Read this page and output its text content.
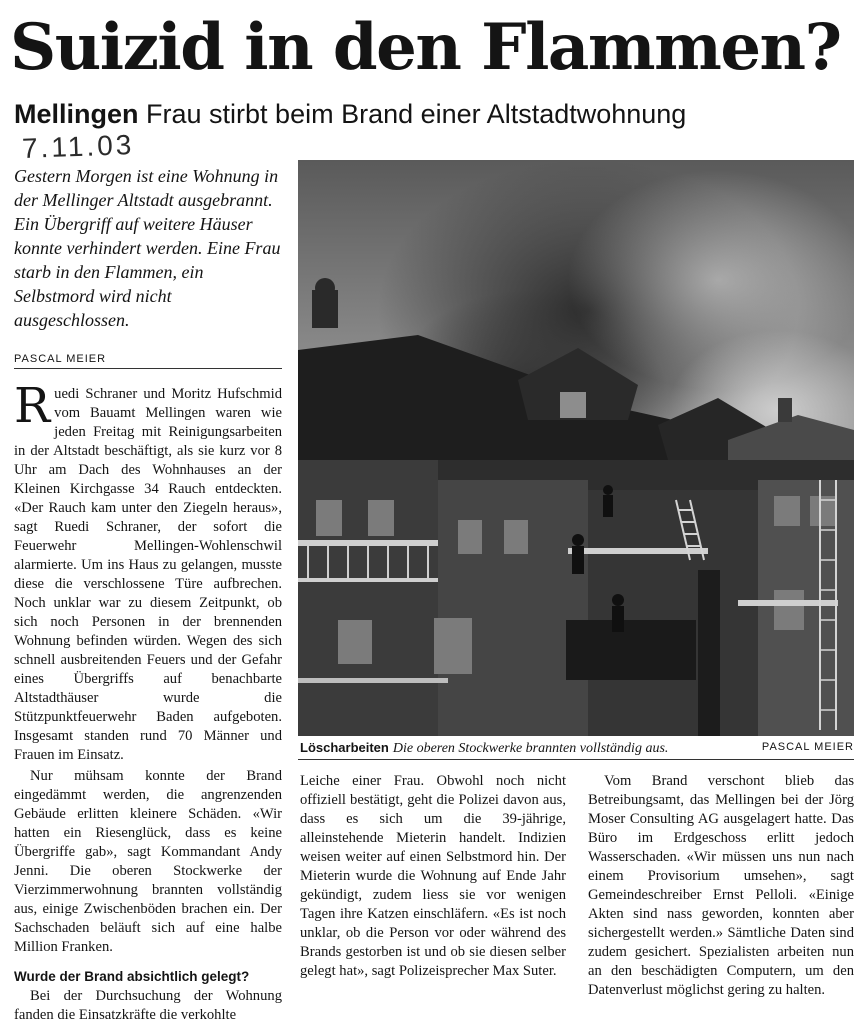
Suizid in den Flammen?
Mellingen Frau stirbt beim Brand einer Altstadtwohnung
7.11.03
Gestern Morgen ist eine Wohnung in der Mellinger Altstadt ausgebrannt. Ein Übergriff auf weitere Häuser konnte verhindert werden. Eine Frau starb in den Flammen, ein Selbstmord wird nicht ausgeschlossen.
PASCAL MEIER

Ruedi Schraner und Moritz Hufschmid vom Bauamt Mellingen waren wie jeden Freitag mit Reinigungsarbeiten in der Altstadt beschäftigt, als sie kurz vor 8 Uhr am Dach des Wohnhauses an der Kleinen Kirchgasse 34 Rauch entdeckten. «Der Rauch kam unter den Ziegeln heraus», sagt Ruedi Schraner, der sofort die Feuerwehr Mellingen-Wohlenschwil alarmierte. Um ins Haus zu gelangen, musste diese die verschlossene Türe aufbrechen. Noch unklar war zu diesem Zeitpunkt, ob sich noch Personen in der brennenden Wohnung befinden würden. Wegen des sich schnell ausbreitenden Feuers und der Gefahr eines Übergriffs auf benachbarte Altstadthäuser wurde die Stützpunktfeuerwehr Baden aufgeboten. Insgesamt standen rund 70 Männer und Frauen im Einsatz.

Nur mühsam konnte der Brand eingedämmt werden, die angrenzenden Gebäude erlitten kleinere Schäden. «Wir hatten ein Riesenglück, dass es keine Übergriffe gab», sagt Kommandant Andy Jenni. Die oberen Stockwerke der Vierzimmerwohnung brannten vollständig aus, einige Zwischenböden brachen ein. Der Sachschaden beläuft sich auf eine halbe Million Franken.

Wurde der Brand absichtlich gelegt?

Bei der Durchsuchung der Wohnung fanden die Einsatzkräfte die verkohlte

Löscharbeiten Die oberen Stockwerke brannten vollständig aus.	PASCAL MEIER

Leiche einer Frau. Obwohl noch nicht offiziell bestätigt, geht die Polizei davon aus, dass es sich um die 39-jährige, alleinstehende Mieterin handelt. Indizien weisen weiter auf einen Selbstmord hin. Der Mieterin wurde die Wohnung auf Ende Jahr gekündigt, zudem liess sie vor wenigen Tagen ihre Katzen einschläfern. «Es ist noch unklar, ob die Person vor oder während des Brands gestorben ist und ob sie diesen selber gelegt hat», sagt Polizeisprecher Max Suter.

Vom Brand verschont blieb das Betreibungsamt, das Mellingen bei der Jörg Moser Consulting AG ausgelagert hatte. Das Büro im Erdgeschoss erlitt jedoch Wasserschaden. «Wir müssen uns nun nach einem Provisorium umsehen», sagt Gemeindeschreiber Ernst Pelloli. «Einige Akten sind nass geworden, konnten aber sichergestellt werden.» Sämtliche Daten sind zudem gesichert. Spezialisten arbeiten nun an den beschädigten Computern, um den Datenverlust möglichst gering zu halten.
